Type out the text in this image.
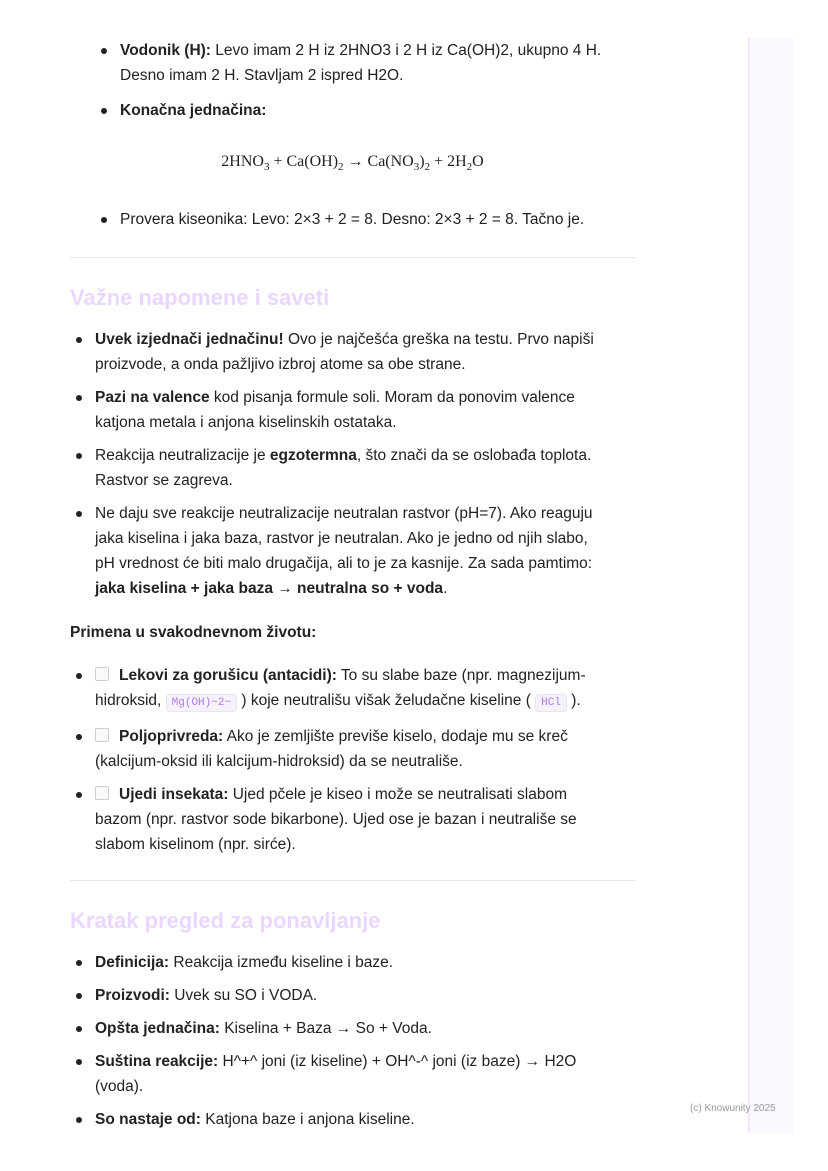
Vodonik (H): Levo imam 2 H iz 2HNO3 i 2 H iz Ca(OH)2, ukupno 4 H.
Desno imam 2 H. Stavljam 2 ispred H2O.
Konačna jednačina:

$2HNO_3 + Ca(OH)_2 \to Ca(NO_3)_2 + 2H_2O$

Provera kiseonika: Levo: 2×3 + 2 = 8. Desno: 2×3 + 2 = 8. Tačno je.
Važne napomene i saveti
Uvek izjednači jednačinu! Ovo je najčešća greška na testu. Prvo napiši
proizvode, a onda pažljivo izbroj atome sa obe strane.
Pazi na valence kod pisanja formule soli. Moram da ponovim valence
katjona metala i anjona kiselinskih ostataka.
Reakcija neutralizacije je egzotermna, što znači da se oslobađa toplota.
Rastvor se zagreva.
Ne daju sve reakcije neutralizacije neutralan rastvor (pH=7). Ako reaguju
jaka kiselina i jaka baza, rastvor je neutralan. Ako je jedno od njih slabo,
pH vrednost će biti malo drugačija, ali to je za kasnije. Za sada pamtimo:
jaka kiselina + jaka baza → neutralna so + voda.

Primena u svakodnevnom životu:

Lekovi za gorušicu (antacidi): To su slabe baze (npr. magnezijum-
hidroksid, Mg(OH)~2~ ) koje neutrališu višak želudačne kiseline ( HCl ).
Poljoprivreda: Ako je zemljište previše kiselo, dodaje mu se kreč
(kalcijum-oksid ili kalcijum-hidroksid) da se neutrališe.
Ujedi insekata: Ujed pčele je kiseo i može se neutralisati slabom
bazom (npr. rastvor sode bikarbone). Ujed ose je bazan i neutrališe se
slabom kiselinom (npr. sirće).
Kratak pregled za ponavljanje
Definicija: Reakcija između kiseline i baze.
Proizvodi: Uvek su SO i VODA.
Opšta jednačina: Kiselina + Baza → So + Voda.
Suština reakcije: H^+^ joni (iz kiseline) + OH^-^ joni (iz baze) → H2O
(voda).
So nastaje od: Katjona baze i anjona kiseline.
(c) Knowunity 2025
